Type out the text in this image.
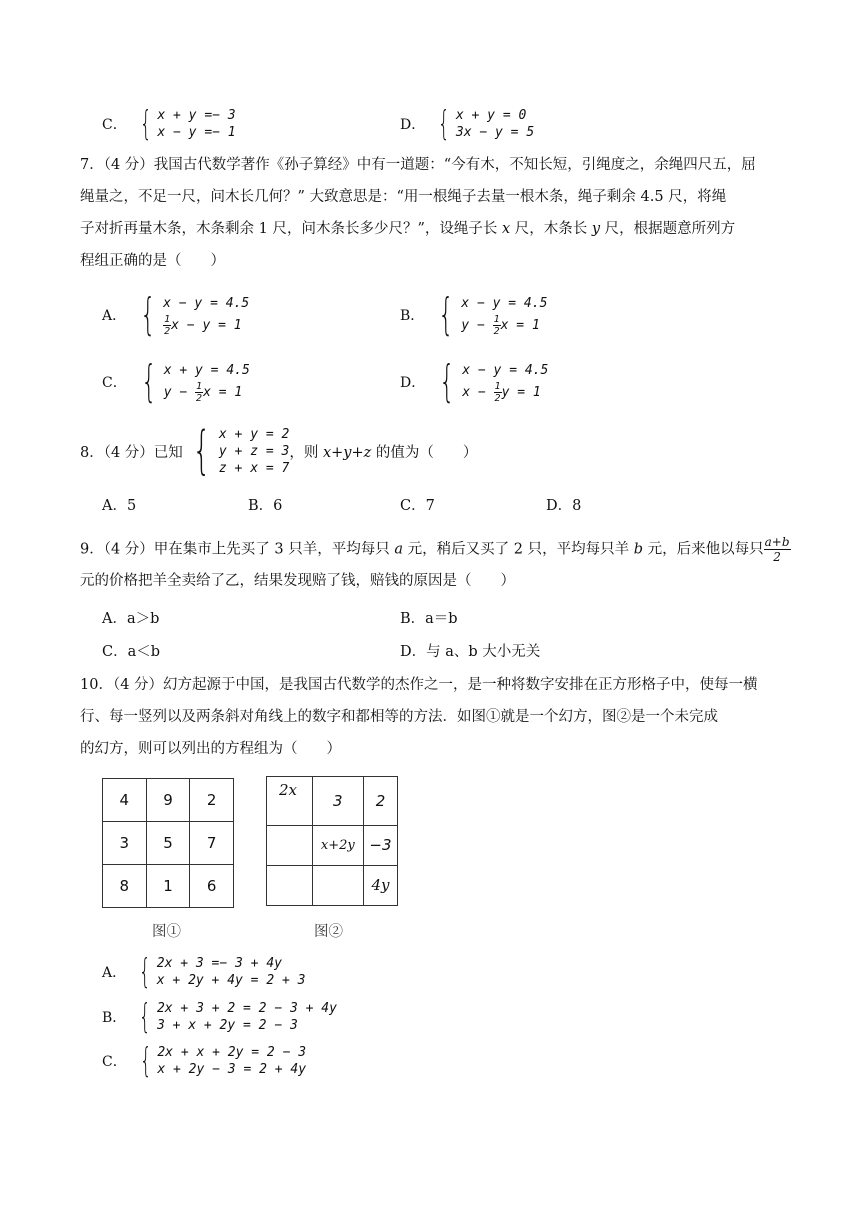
C． { x + y =− 3
x − y =− 1	D． { x + y = 0
3x − y = 5
7．（4 分）我国古代数学著作《孙子算经》中有一道题：“今有木，不知长短，引绳度之，余绳四尺五，屈
绳量之，不足一尺，问木长几何？” 大致意思是：“用一根绳子去量一根木条，绳子剩余 4.5 尺，将绳
子对折再量木条，木条剩余 1 尺，问木条长多少尺？”，设绳子长 x 尺，木条长 y 尺，根据题意所列方
程组正确的是（　　）
A． { x − y = 4.5
$\frac{1}{2}$ x − y = 1
B． { x − y = 4.5
$y - \frac{1}{2}$ x = 1
C． { x + y = 4.5
$y - \frac{1}{2}$ x = 1
D． { x − y = 4.5
$x - \frac{1}{2}$ y = 1
8．（4 分）已知 { x + y = 2
y + z = 3
z + x = 7
，则 x+y+z 的值为（　　）
A．5	B．6	C．7	D．8
9．（4 分）甲在集市上先买了 3 只羊，平均每只 a 元，稍后又买了 2 只，平均每只羊 b 元，后来他以每只 $\frac{a+b}{2}$
元的价格把羊全卖给了乙，结果发现赔了钱，赔钱的原因是（　　）
A．a＞b	B．a＝b
C．a＜b	D．与 a、b 大小无关
10．（4 分）幻方起源于中国，是我国古代数学的杰作之一，是一种将数字安排在正方形格子中，使每一横
行、每一竖列以及两条斜对角线上的数字和都相等的方法．如图①就是一个幻方，图②是一个未完成
的幻方，则可以列出的方程组为（　　）
4	9	2
3	5	7
8	1	6
图①
2x	3	2
	x+2y	−3
		4y
图②
A． { 2x + 3 =− 3 + 4y
x + 2y + 4y = 2 + 3
B． { 2x + 3 + 2 = 2 − 3 + 4y
3 + x + 2y = 2 − 3
C． { 2x + x + 2y = 2 − 3
x + 2y − 3 = 2 + 4y
